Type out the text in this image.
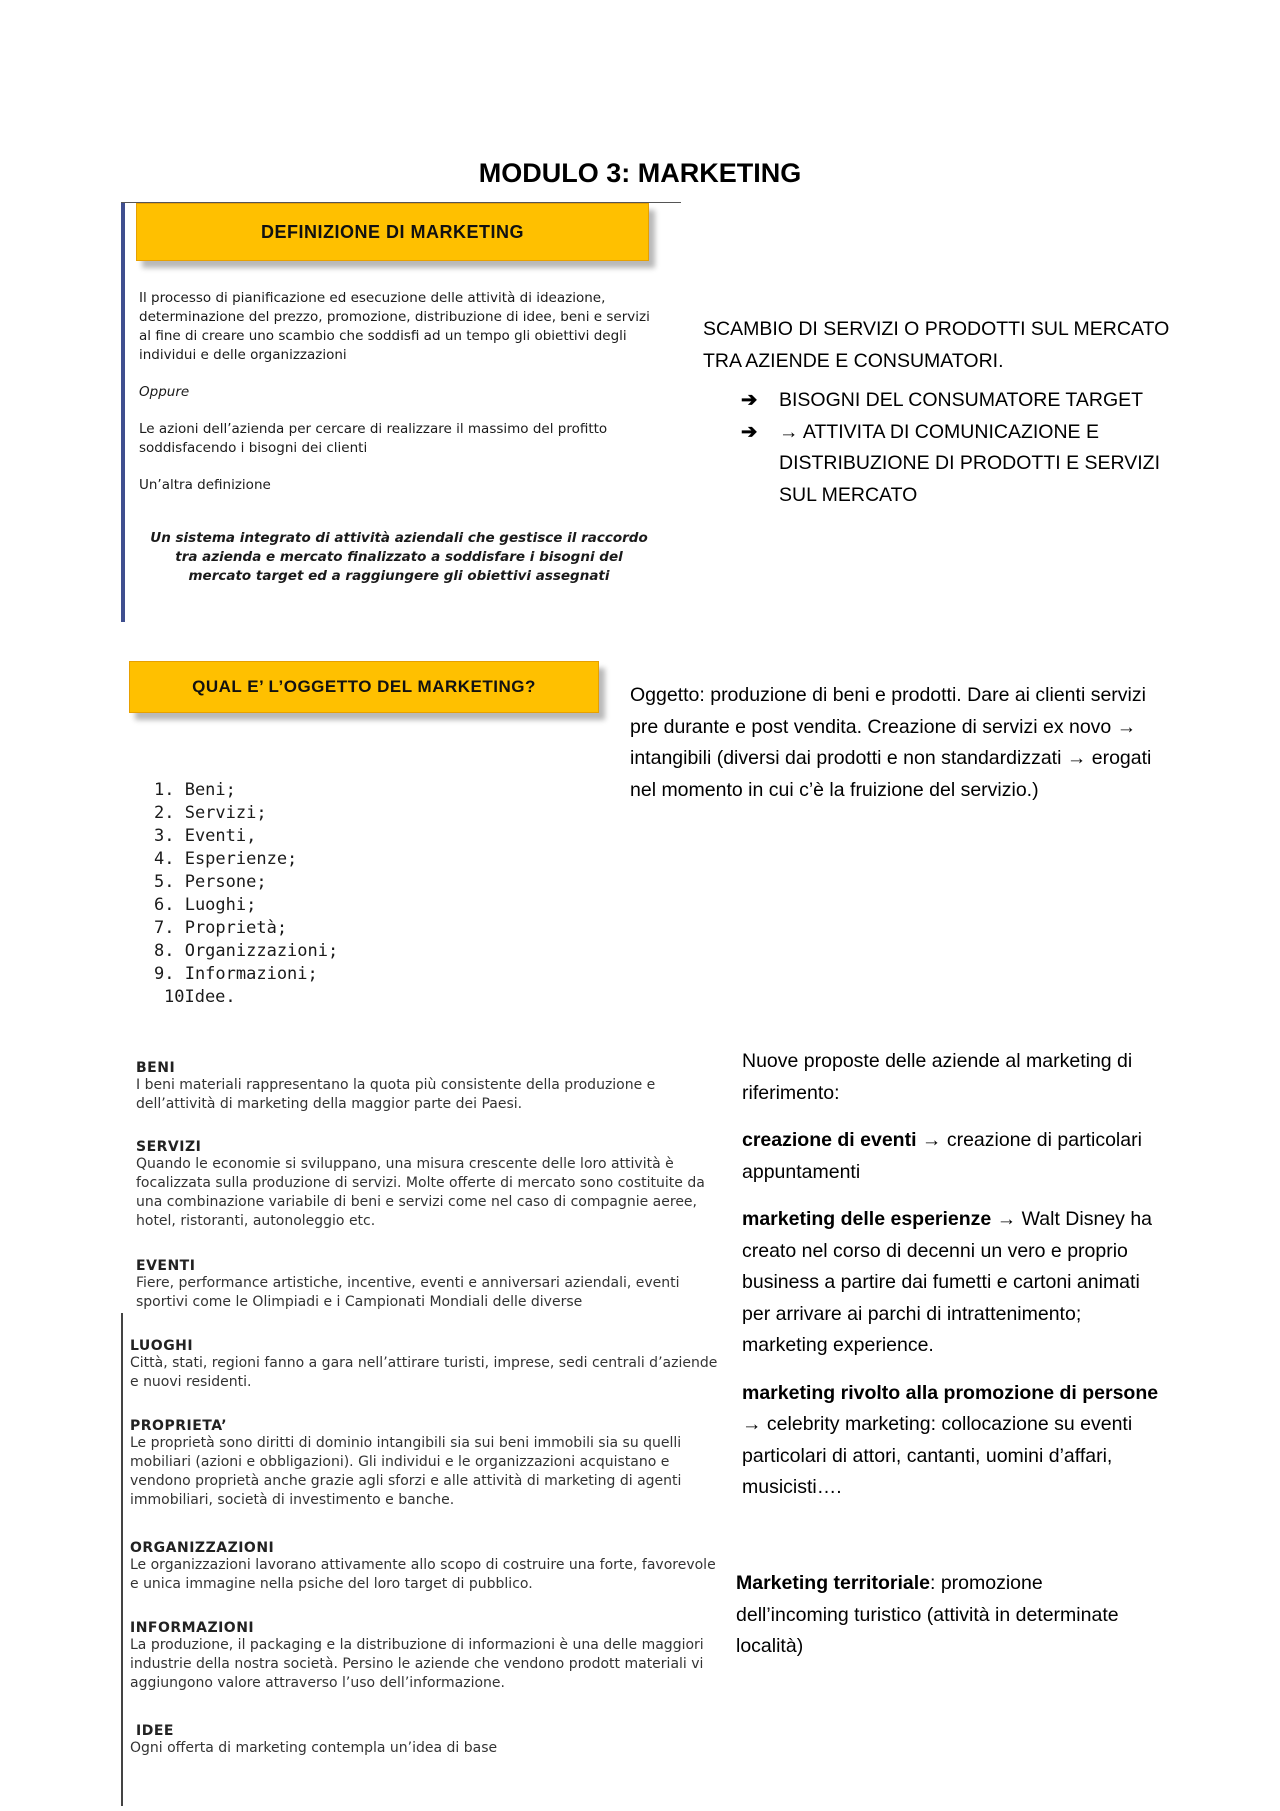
MODULO 3: MARKETING
DEFINIZIONE DI MARKETING

Il processo di pianificazione ed esecuzione delle attività di ideazione, determinazione del prezzo, promozione, distribuzione di idee, beni e servizi al fine di creare uno scambio che soddisfi ad un tempo gli obiettivi degli individui e delle organizzazioni

Oppure

Le azioni dell’azienda per cercare di realizzare il massimo del profitto soddisfacendo i bisogni dei clienti

Un’altra definizione

Un sistema integrato di attività aziendali che gestisce il raccordo tra azienda e mercato finalizzato a soddisfare i bisogni del mercato target ed a raggiungere gli obiettivi assegnati

SCAMBIO DI SERVIZI O PRODOTTI SUL MERCATO TRA AZIENDE E CONSUMATORI.

➔	BISOGNI DEL CONSUMATORE TARGET
➔	→ ATTIVITA DI COMUNICAZIONE E DISTRIBUZIONE DI PRODOTTI E SERVIZI SUL MERCATO
QUAL E’ L’OGGETTO DEL MARKETING?
1. Beni;
2. Servizi;
3. Eventi,
4. Esperienze;
5. Persone;
6. Luoghi;
7. Proprietà;
8. Organizzazioni;
9. Informazioni;
10Idee.
Oggetto: produzione di beni e prodotti. Dare ai clienti servizi pre durante e post vendita. Creazione di servizi ex novo → intangibili (diversi dai prodotti e non standardizzati → erogati nel momento in cui c’è la fruizione del servizio.)
BENI
I beni materiali rappresentano la quota più consistente della produzione e dell’attività di marketing della maggior parte dei Paesi.
SERVIZI
Quando le economie si sviluppano, una misura crescente delle loro attività è focalizzata sulla produzione di servizi. Molte offerte di mercato sono costituite da una combinazione variabile di beni e servizi come nel caso di compagnie aeree, hotel, ristoranti, autonoleggio etc.
EVENTI
Fiere, performance artistiche, incentive, eventi e anniversari aziendali, eventi sportivi come le Olimpiadi e i Campionati Mondiali delle diverse
LUOGHI
Città, stati, regioni fanno a gara nell’attirare turisti, imprese, sedi centrali d’aziende e nuovi residenti.
PROPRIETA’
Le proprietà sono diritti di dominio intangibili sia sui beni immobili sia su quelli mobiliari (azioni e obbligazioni). Gli individui e le organizzazioni acquistano e vendono proprietà anche grazie agli sforzi e alle attività di marketing di agenti immobiliari, società di investimento e banche.
ORGANIZZAZIONI
Le organizzazioni lavorano attivamente allo scopo di costruire una forte, favorevole e unica immagine nella psiche del loro target di pubblico.
INFORMAZIONI
La produzione, il packaging e la distribuzione di informazioni è una delle maggiori industrie della nostra società. Persino le aziende che vendono prodott materiali vi aggiungono valore attraverso l’uso dell’informazione.
IDEE
Ogni offerta di marketing contempla un’idea di base

Nuove proposte delle aziende al marketing di riferimento:

creazione di eventi → creazione di particolari appuntamenti

marketing delle esperienze → Walt Disney ha creato nel corso di decenni un vero e proprio business a partire dai fumetti e cartoni animati per arrivare ai parchi di intrattenimento; marketing experience.

marketing rivolto alla promozione di persone → celebrity marketing: collocazione su eventi particolari di attori, cantanti, uomini d’affari, musicisti….

Marketing territoriale: promozione dell’incoming turistico (attività in determinate località)
